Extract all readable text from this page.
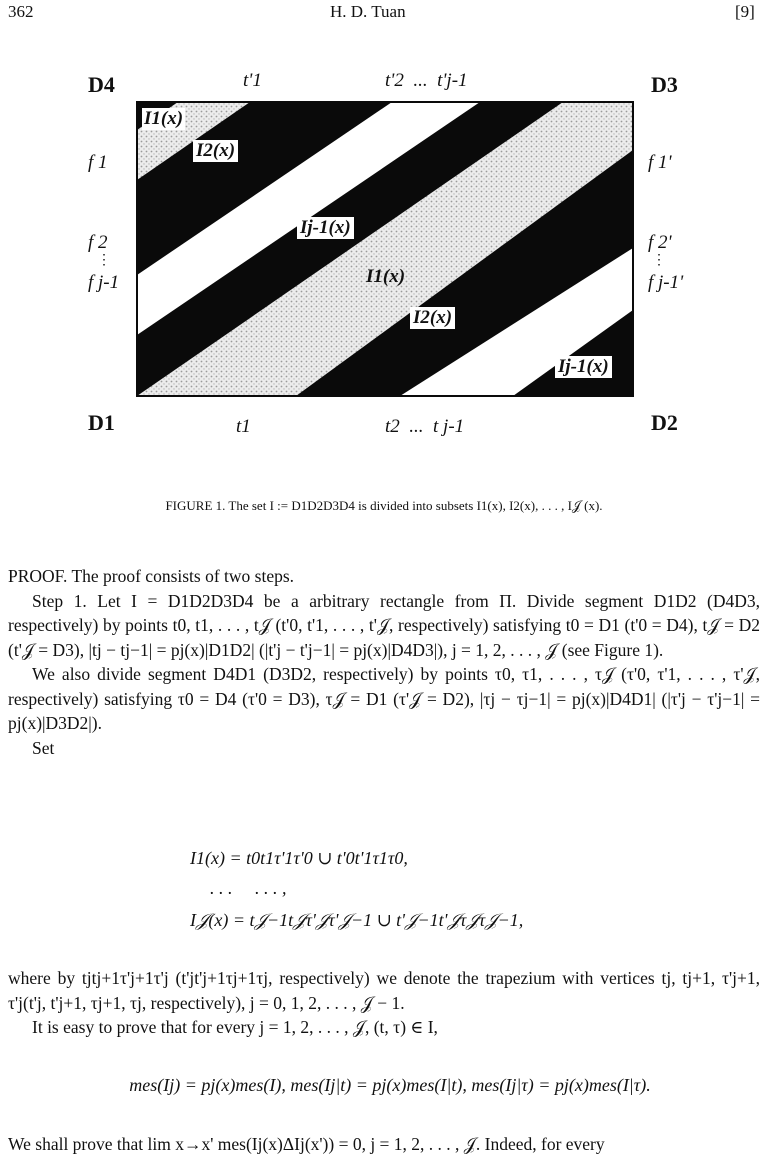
362	H. D. Tuan	[9]
D4	D3
D1	D2
t'1	t'2  ...  t'j-1
t1	t2  ...  t j-1
f 1
f 2
⋮
f j-1
f 1'
f 2'
⋮
f j-1'
I1(x)
I2(x)
Ij-1(x)
I1(x)
I2(x)
Ij-1(x)
FIGURE 1. The set I := D1D2D3D4 is divided into subsets I1(x), I2(x), . . . , I𝒥 (x).

PROOF. The proof consists of two steps.

Step 1. Let I = D1D2D3D4 be a arbitrary rectangle from Π. Divide segment D1D2 (D4D3, respectively) by points t0, t1, . . . , t𝒥 (t'0, t'1, . . . , t'𝒥, respectively) satisfying t0 = D1 (t'0 = D4), t𝒥 = D2 (t'𝒥 = D3), |tj − tj−1| = pj(x)|D1D2| (|t'j − t'j−1| = pj(x)|D4D3|), j = 1, 2, . . . , 𝒥 (see Figure 1).

We also divide segment D4D1 (D3D2, respectively) by points τ0, τ1, . . . , τ𝒥 (τ'0, τ'1, . . . , τ'𝒥, respectively) satisfying τ0 = D4 (τ'0 = D3), τ𝒥 = D1 (τ'𝒥 = D2), |τj − τj−1| = pj(x)|D4D1| (|τ'j − τ'j−1| = pj(x)|D3D2|).

Set

I1(x) = t0t1τ'1τ'0 ∪ t'0t'1τ1τ0,
. . .     . . . ,
I𝒥(x) = t𝒥−1t𝒥τ'𝒥τ'𝒥−1 ∪ t'𝒥−1t'𝒥τ𝒥τ𝒥−1,

where by tjtj+1τ'j+1τ'j (t'jt'j+1τj+1τj, respectively) we denote the trapezium with vertices tj, tj+1, τ'j+1, τ'j(t'j, t'j+1, τj+1, τj, respectively), j = 0, 1, 2, . . . , 𝒥 − 1.

It is easy to prove that for every j = 1, 2, . . . , 𝒥, (t, τ) ∈ I,

mes(Ij) = pj(x)mes(I), mes(Ij|t) = pj(x)mes(I|t), mes(Ij|τ) = pj(x)mes(I|τ).

We shall prove that lim x→x' mes(Ij(x)ΔIj(x')) = 0, j = 1, 2, . . . , 𝒥. Indeed, for every
